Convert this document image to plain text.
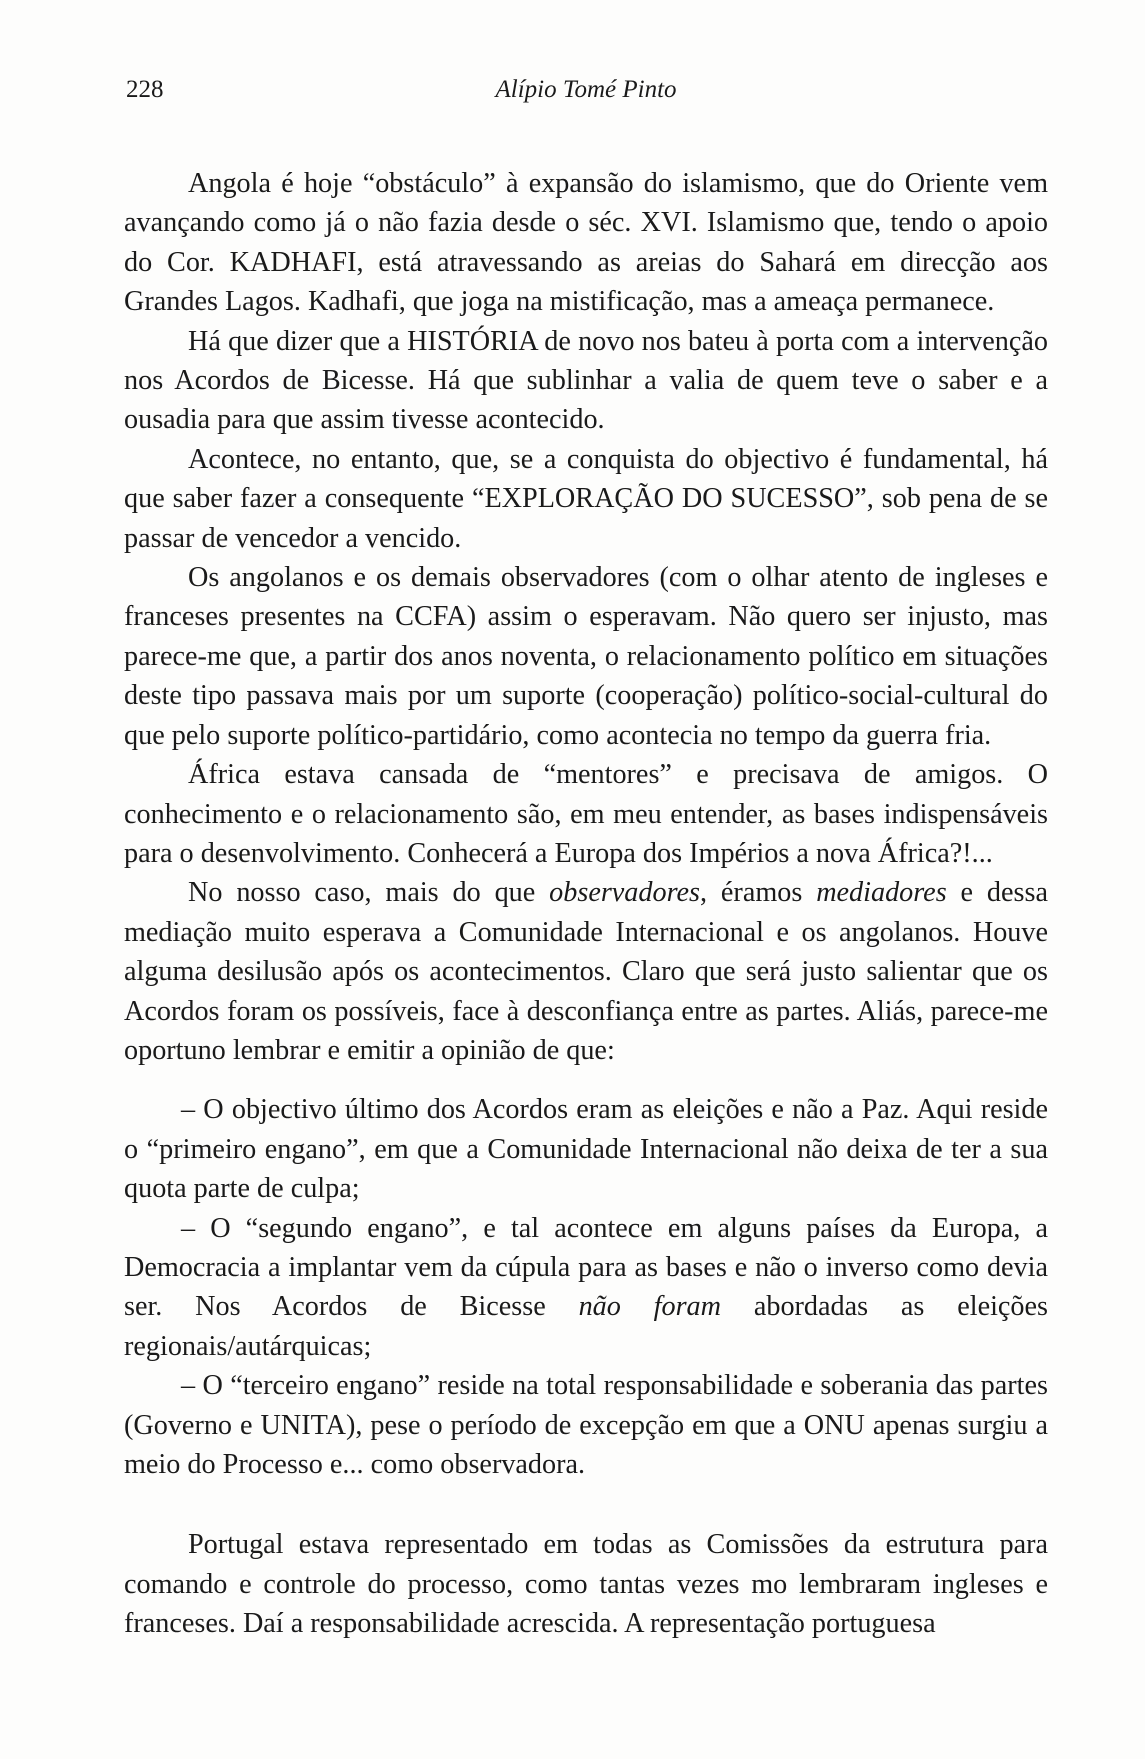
228	Alípio Tomé Pinto

Angola é hoje “obstáculo” à expansão do islamismo, que do Oriente vem avançando como já o não fazia desde o séc. XVI. Islamismo que, tendo o apoio do Cor. KADHAFI, está atravessando as areias do Sahará em direcção aos Grandes Lagos. Kadhafi, que joga na mistificação, mas a ameaça permanece.

Há que dizer que a HISTÓRIA de novo nos bateu à porta com a intervenção nos Acordos de Bicesse. Há que sublinhar a valia de quem teve o saber e a ousadia para que assim tivesse acontecido.

Acontece, no entanto, que, se a conquista do objectivo é fundamental, há que saber fazer a consequente “EXPLORAÇÃO DO SUCESSO”, sob pena de se passar de vencedor a vencido.

Os angolanos e os demais observadores (com o olhar atento de ingleses e franceses presentes na CCFA) assim o esperavam. Não quero ser injusto, mas parece-me que, a partir dos anos noventa, o relacionamento político em situações deste tipo passava mais por um suporte (cooperação) político-social-cultural do que pelo suporte político-partidário, como acontecia no tempo da guerra fria.

África estava cansada de “mentores” e precisava de amigos. O conhecimento e o relacionamento são, em meu entender, as bases indispensáveis para o desenvolvimento. Conhecerá a Europa dos Impérios a nova África?!...

No nosso caso, mais do que observadores, éramos mediadores e dessa mediação muito esperava a Comunidade Internacional e os angolanos. Houve alguma desilusão após os acontecimentos. Claro que será justo salientar que os Acordos foram os possíveis, face à desconfiança entre as partes. Aliás, parece-me oportuno lembrar e emitir a opinião de que:

– O objectivo último dos Acordos eram as eleições e não a Paz. Aqui reside o “primeiro engano”, em que a Comunidade Internacional não deixa de ter a sua quota parte de culpa;

– O “segundo engano”, e tal acontece em alguns países da Europa, a Democracia a implantar vem da cúpula para as bases e não o inverso como devia ser. Nos Acordos de Bicesse não foram abordadas as eleições regionais/autárquicas;

– O “terceiro engano” reside na total responsabilidade e soberania das partes (Governo e UNITA), pese o período de excepção em que a ONU apenas surgiu a meio do Processo e... como observadora.

Portugal estava representado em todas as Comissões da estrutura para comando e controle do processo, como tantas vezes mo lembraram ingleses e franceses. Daí a responsabilidade acrescida. A representação portuguesa
